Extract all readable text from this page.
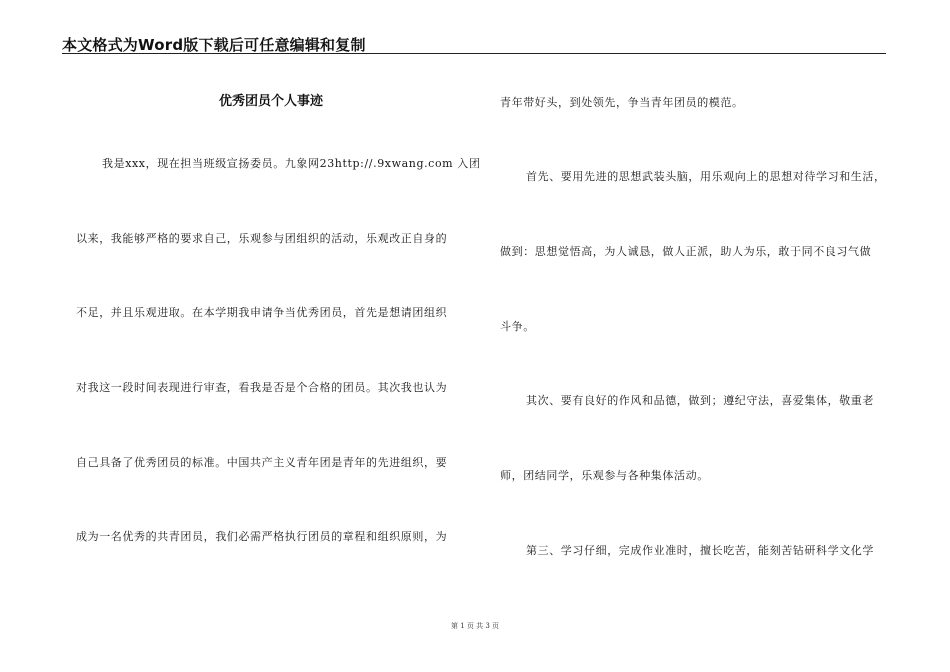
本文格式为Word版下载后可任意编辑和复制
优秀团员个人事迹
我是xxx，现在担当班级宣扬委员。九象网23http://.9xwang.com 入团
以来，我能够严格的要求自己，乐观参与团组织的活动，乐观改正自身的
不足，并且乐观进取。在本学期我申请争当优秀团员，首先是想请团组织
对我这一段时间表现进行审查，看我是否是个合格的团员。其次我也认为
自己具备了优秀团员的标准。中国共产主义青年团是青年的先进组织，要
成为一名优秀的共青团员，我们必需严格执行团员的章程和组织原则，为
青年带好头，到处领先，争当青年团员的模范。
首先、要用先进的思想武装头脑，用乐观向上的思想对待学习和生活，
做到：思想觉悟高，为人诚恳，做人正派，助人为乐，敢于同不良习气做
斗争。
其次、要有良好的作风和品德，做到；遵纪守法，喜爱集体，敬重老
师，团结同学，乐观参与各种集体活动。
第三、学习仔细，完成作业准时，擅长吃苦，能刻苦钻研科学文化学
第 1 页 共 3 页
